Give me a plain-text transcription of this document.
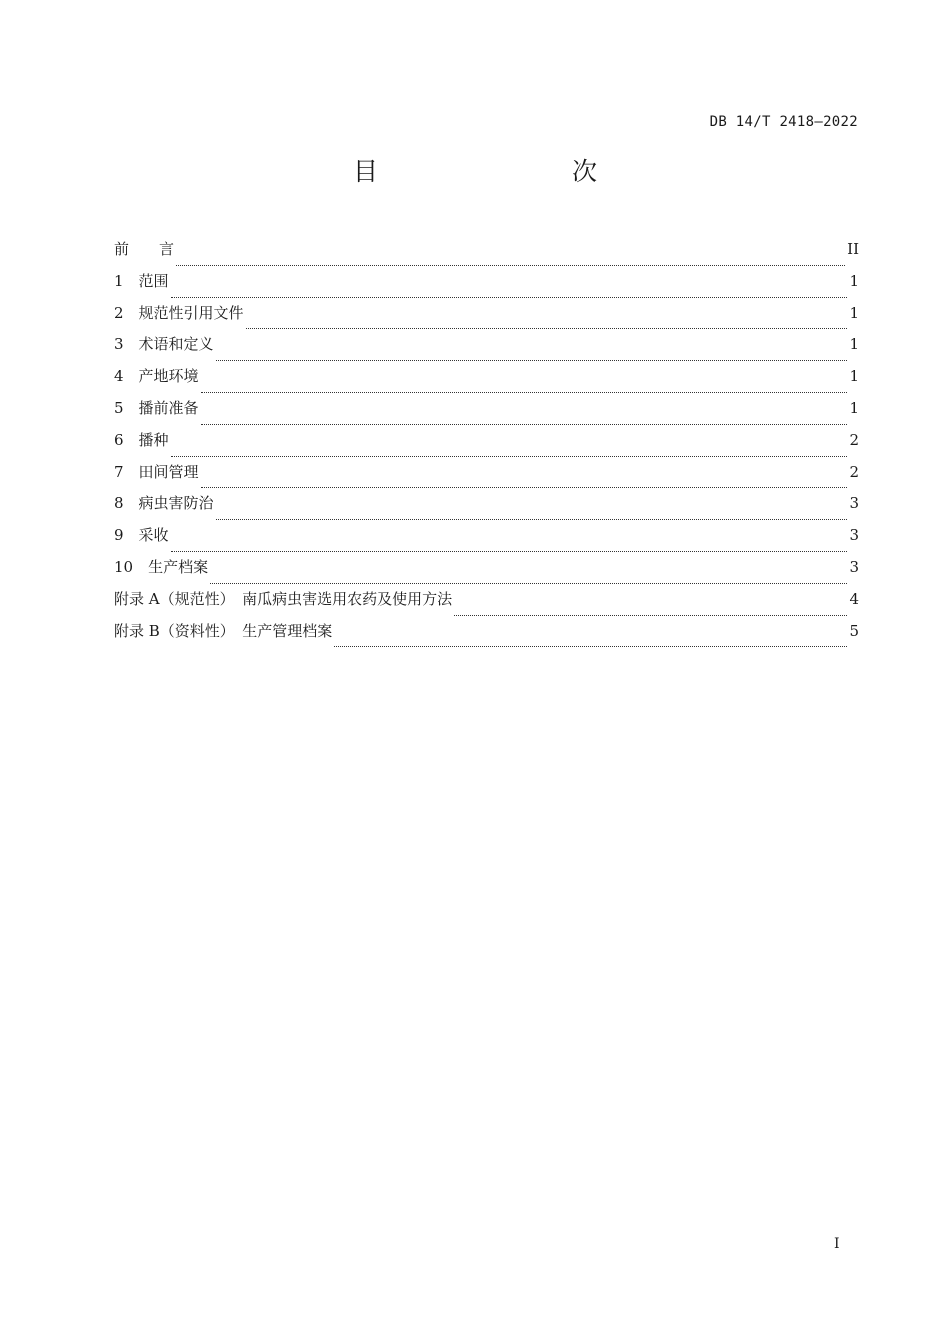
DB 14/T 2418—2022
目　　次
前　　言	II
1　 范围	1
2　 规范性引用文件	1
3　 术语和定义	1
4　 产地环境	1
5　 播前准备	1
6　 播种	2
7　 田间管理	2
8　 病虫害防治	3
9　 采收	3
10　 生产档案	3
附录 A（规范性）　 南瓜病虫害选用农药及使用方法	4
附录 B（资料性）　 生产管理档案	5
I
